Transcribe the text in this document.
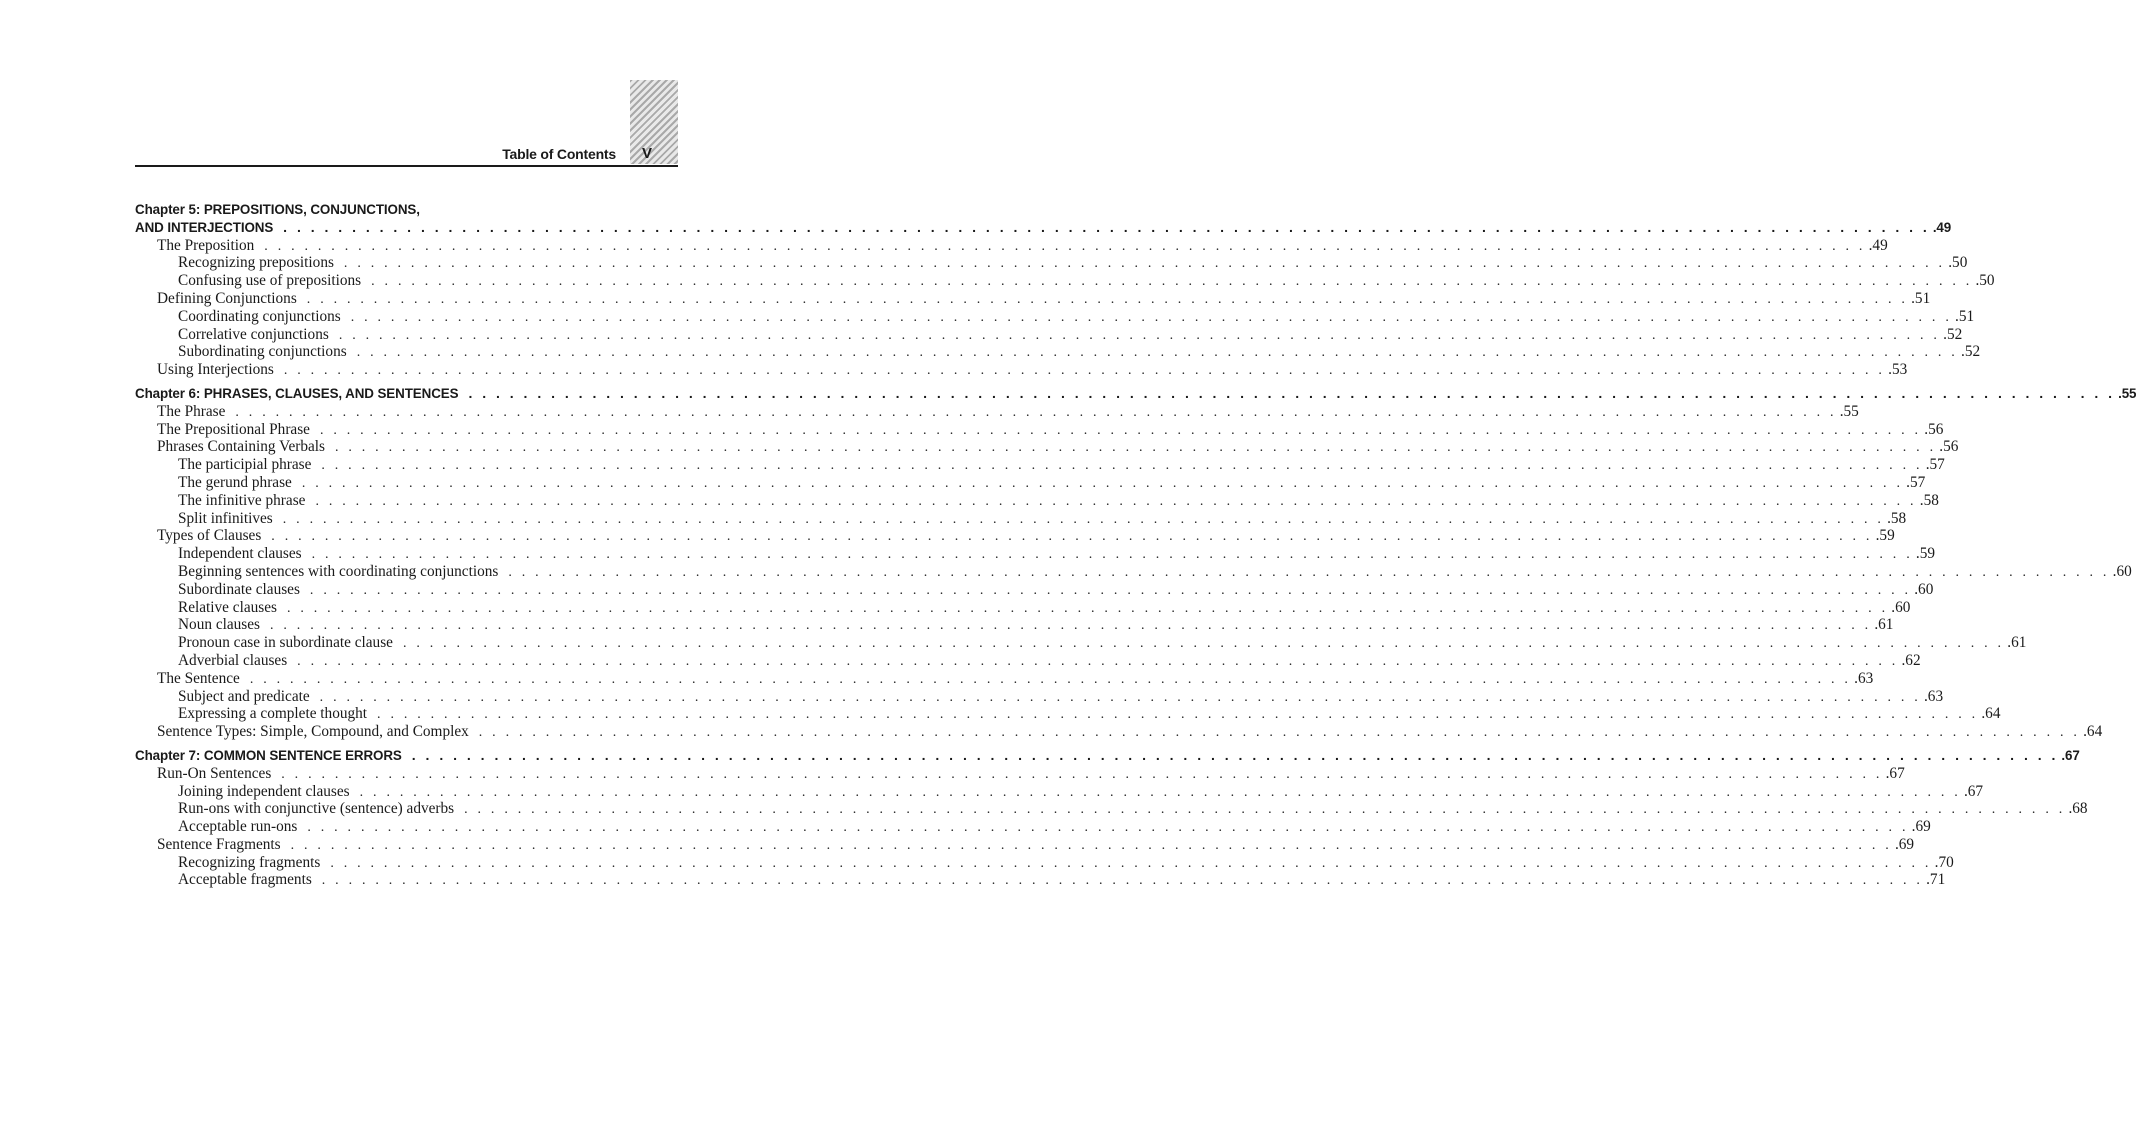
Table of Contents V
Chapter 5: PREPOSITIONS, CONJUNCTIONS,
AND INTERJECTIONS . . . . . . . . . . . . . . . . . . . . . . . . . . . . . . . . . . . . . . . . . . . . . . . . . . . . . . . . . . . . . . . . . . . . . . . . . . . . . . . . . . . . . . . . . . . . . . . . . . . . . . . . . . . . . . . . . . . . . . . . .49
The Preposition . . . . . . . . . . . . . . . . . . . . . . . . . . . . . . . . . . . . . . . . . . . . . . . . . . . . . . . . . . . . . . . . . . . . . . . . . . . . . . . . . . . . . . . . . . . . . . . . . . . . . . . . . . . . . . . . . . . . . . . . .49
Recognizing prepositions . . . . . . . . . . . . . . . . . . . . . . . . . . . . . . . . . . . . . . . . . . . . . . . . . . . . . . . . . . . . . . . . . . . . . . . . . . . . . . . . . . . . . . . . . . . . . . . . . . . . . . . . . . . . . . . . . . . . . . . . .50
Confusing use of prepositions . . . . . . . . . . . . . . . . . . . . . . . . . . . . . . . . . . . . . . . . . . . . . . . . . . . . . . . . . . . . . . . . . . . . . . . . . . . . . . . . . . . . . . . . . . . . . . . . . . . . . . . . . . . . . . . . . . . . . . . . .50
Defining Conjunctions . . . . . . . . . . . . . . . . . . . . . . . . . . . . . . . . . . . . . . . . . . . . . . . . . . . . . . . . . . . . . . . . . . . . . . . . . . . . . . . . . . . . . . . . . . . . . . . . . . . . . . . . . . . . . . . . . . . . . . . . .51
Coordinating conjunctions . . . . . . . . . . . . . . . . . . . . . . . . . . . . . . . . . . . . . . . . . . . . . . . . . . . . . . . . . . . . . . . . . . . . . . . . . . . . . . . . . . . . . . . . . . . . . . . . . . . . . . . . . . . . . . . . . . . . . . . . .51
Correlative conjunctions . . . . . . . . . . . . . . . . . . . . . . . . . . . . . . . . . . . . . . . . . . . . . . . . . . . . . . . . . . . . . . . . . . . . . . . . . . . . . . . . . . . . . . . . . . . . . . . . . . . . . . . . . . . . . . . . . . . . . . . . .52
Subordinating conjunctions . . . . . . . . . . . . . . . . . . . . . . . . . . . . . . . . . . . . . . . . . . . . . . . . . . . . . . . . . . . . . . . . . . . . . . . . . . . . . . . . . . . . . . . . . . . . . . . . . . . . . . . . . . . . . . . . . . . . . . . . .52
Using Interjections . . . . . . . . . . . . . . . . . . . . . . . . . . . . . . . . . . . . . . . . . . . . . . . . . . . . . . . . . . . . . . . . . . . . . . . . . . . . . . . . . . . . . . . . . . . . . . . . . . . . . . . . . . . . . . . . . . . . . . . . .53
Chapter 6: PHRASES, CLAUSES, AND SENTENCES . . . . . . . . . . . . . . . . . . . . . . . . . . . . . . . . . . . . . . . . . . . . . . . . . . . . . . . . . . . . . . . . . . . . . . . . . . . . . . . . . . . . . . . . . . . . . . . . . . . . . . . . . . . . . . . . . . . . . . . . .55
The Phrase . . . . . . . . . . . . . . . . . . . . . . . . . . . . . . . . . . . . . . . . . . . . . . . . . . . . . . . . . . . . . . . . . . . . . . . . . . . . . . . . . . . . . . . . . . . . . . . . . . . . . . . . . . . . . . . . . . . . . . . . .55
The Prepositional Phrase . . . . . . . . . . . . . . . . . . . . . . . . . . . . . . . . . . . . . . . . . . . . . . . . . . . . . . . . . . . . . . . . . . . . . . . . . . . . . . . . . . . . . . . . . . . . . . . . . . . . . . . . . . . . . . . . . . . . . . . . .56
Phrases Containing Verbals . . . . . . . . . . . . . . . . . . . . . . . . . . . . . . . . . . . . . . . . . . . . . . . . . . . . . . . . . . . . . . . . . . . . . . . . . . . . . . . . . . . . . . . . . . . . . . . . . . . . . . . . . . . . . . . . . . . . . . . . .56
The participial phrase . . . . . . . . . . . . . . . . . . . . . . . . . . . . . . . . . . . . . . . . . . . . . . . . . . . . . . . . . . . . . . . . . . . . . . . . . . . . . . . . . . . . . . . . . . . . . . . . . . . . . . . . . . . . . . . . . . . . . . . . .57
The gerund phrase . . . . . . . . . . . . . . . . . . . . . . . . . . . . . . . . . . . . . . . . . . . . . . . . . . . . . . . . . . . . . . . . . . . . . . . . . . . . . . . . . . . . . . . . . . . . . . . . . . . . . . . . . . . . . . . . . . . . . . . . .57
The infinitive phrase . . . . . . . . . . . . . . . . . . . . . . . . . . . . . . . . . . . . . . . . . . . . . . . . . . . . . . . . . . . . . . . . . . . . . . . . . . . . . . . . . . . . . . . . . . . . . . . . . . . . . . . . . . . . . . . . . . . . . . . . .58
Split infinitives . . . . . . . . . . . . . . . . . . . . . . . . . . . . . . . . . . . . . . . . . . . . . . . . . . . . . . . . . . . . . . . . . . . . . . . . . . . . . . . . . . . . . . . . . . . . . . . . . . . . . . . . . . . . . . . . . . . . . . . . .58
Types of Clauses . . . . . . . . . . . . . . . . . . . . . . . . . . . . . . . . . . . . . . . . . . . . . . . . . . . . . . . . . . . . . . . . . . . . . . . . . . . . . . . . . . . . . . . . . . . . . . . . . . . . . . . . . . . . . . . . . . . . . . . . .59
Independent clauses . . . . . . . . . . . . . . . . . . . . . . . . . . . . . . . . . . . . . . . . . . . . . . . . . . . . . . . . . . . . . . . . . . . . . . . . . . . . . . . . . . . . . . . . . . . . . . . . . . . . . . . . . . . . . . . . . . . . . . . . .59
Beginning sentences with coordinating conjunctions . . . . . . . . . . . . . . . . . . . . . . . . . . . . . . . . . . . . . . . . . . . . . . . . . . . . . . . . . . . . . . . . . . . . . . . . . . . . . . . . . . . . . . . . . . . . . . . . . . . . . . . . . . . . . . . . . . . . . . . . .60
Subordinate clauses . . . . . . . . . . . . . . . . . . . . . . . . . . . . . . . . . . . . . . . . . . . . . . . . . . . . . . . . . . . . . . . . . . . . . . . . . . . . . . . . . . . . . . . . . . . . . . . . . . . . . . . . . . . . . . . . . . . . . . . . .60
Relative clauses . . . . . . . . . . . . . . . . . . . . . . . . . . . . . . . . . . . . . . . . . . . . . . . . . . . . . . . . . . . . . . . . . . . . . . . . . . . . . . . . . . . . . . . . . . . . . . . . . . . . . . . . . . . . . . . . . . . . . . . . .60
Noun clauses . . . . . . . . . . . . . . . . . . . . . . . . . . . . . . . . . . . . . . . . . . . . . . . . . . . . . . . . . . . . . . . . . . . . . . . . . . . . . . . . . . . . . . . . . . . . . . . . . . . . . . . . . . . . . . . . . . . . . . . . .61
Pronoun case in subordinate clause . . . . . . . . . . . . . . . . . . . . . . . . . . . . . . . . . . . . . . . . . . . . . . . . . . . . . . . . . . . . . . . . . . . . . . . . . . . . . . . . . . . . . . . . . . . . . . . . . . . . . . . . . . . . . . . . . . . . . . . . .61
Adverbial clauses . . . . . . . . . . . . . . . . . . . . . . . . . . . . . . . . . . . . . . . . . . . . . . . . . . . . . . . . . . . . . . . . . . . . . . . . . . . . . . . . . . . . . . . . . . . . . . . . . . . . . . . . . . . . . . . . . . . . . . . . .62
The Sentence . . . . . . . . . . . . . . . . . . . . . . . . . . . . . . . . . . . . . . . . . . . . . . . . . . . . . . . . . . . . . . . . . . . . . . . . . . . . . . . . . . . . . . . . . . . . . . . . . . . . . . . . . . . . . . . . . . . . . . . . .63
Subject and predicate . . . . . . . . . . . . . . . . . . . . . . . . . . . . . . . . . . . . . . . . . . . . . . . . . . . . . . . . . . . . . . . . . . . . . . . . . . . . . . . . . . . . . . . . . . . . . . . . . . . . . . . . . . . . . . . . . . . . . . . . .63
Expressing a complete thought . . . . . . . . . . . . . . . . . . . . . . . . . . . . . . . . . . . . . . . . . . . . . . . . . . . . . . . . . . . . . . . . . . . . . . . . . . . . . . . . . . . . . . . . . . . . . . . . . . . . . . . . . . . . . . . . . . . . . . . . .64
Sentence Types: Simple, Compound, and Complex . . . . . . . . . . . . . . . . . . . . . . . . . . . . . . . . . . . . . . . . . . . . . . . . . . . . . . . . . . . . . . . . . . . . . . . . . . . . . . . . . . . . . . . . . . . . . . . . . . . . . . . . . . . . . . . . . . . . . . . . .64
Chapter 7: COMMON SENTENCE ERRORS . . . . . . . . . . . . . . . . . . . . . . . . . . . . . . . . . . . . . . . . . . . . . . . . . . . . . . . . . . . . . . . . . . . . . . . . . . . . . . . . . . . . . . . . . . . . . . . . . . . . . . . . . . . . . . . . . . . . . . . . .67
Run-On Sentences . . . . . . . . . . . . . . . . . . . . . . . . . . . . . . . . . . . . . . . . . . . . . . . . . . . . . . . . . . . . . . . . . . . . . . . . . . . . . . . . . . . . . . . . . . . . . . . . . . . . . . . . . . . . . . . . . . . . . . . . .67
Joining independent clauses . . . . . . . . . . . . . . . . . . . . . . . . . . . . . . . . . . . . . . . . . . . . . . . . . . . . . . . . . . . . . . . . . . . . . . . . . . . . . . . . . . . . . . . . . . . . . . . . . . . . . . . . . . . . . . . . . . . . . . . . .67
Run-ons with conjunctive (sentence) adverbs . . . . . . . . . . . . . . . . . . . . . . . . . . . . . . . . . . . . . . . . . . . . . . . . . . . . . . . . . . . . . . . . . . . . . . . . . . . . . . . . . . . . . . . . . . . . . . . . . . . . . . . . . . . . . . . . . . . . . . . . .68
Acceptable run-ons . . . . . . . . . . . . . . . . . . . . . . . . . . . . . . . . . . . . . . . . . . . . . . . . . . . . . . . . . . . . . . . . . . . . . . . . . . . . . . . . . . . . . . . . . . . . . . . . . . . . . . . . . . . . . . . . . . . . . . . . .69
Sentence Fragments . . . . . . . . . . . . . . . . . . . . . . . . . . . . . . . . . . . . . . . . . . . . . . . . . . . . . . . . . . . . . . . . . . . . . . . . . . . . . . . . . . . . . . . . . . . . . . . . . . . . . . . . . . . . . . . . . . . . . . . . .69
Recognizing fragments . . . . . . . . . . . . . . . . . . . . . . . . . . . . . . . . . . . . . . . . . . . . . . . . . . . . . . . . . . . . . . . . . . . . . . . . . . . . . . . . . . . . . . . . . . . . . . . . . . . . . . . . . . . . . . . . . . . . . . . . .70
Acceptable fragments . . . . . . . . . . . . . . . . . . . . . . . . . . . . . . . . . . . . . . . . . . . . . . . . . . . . . . . . . . . . . . . . . . . . . . . . . . . . . . . . . . . . . . . . . . . . . . . . . . . . . . . . . . . . . . . . . . . . . . . . .71
